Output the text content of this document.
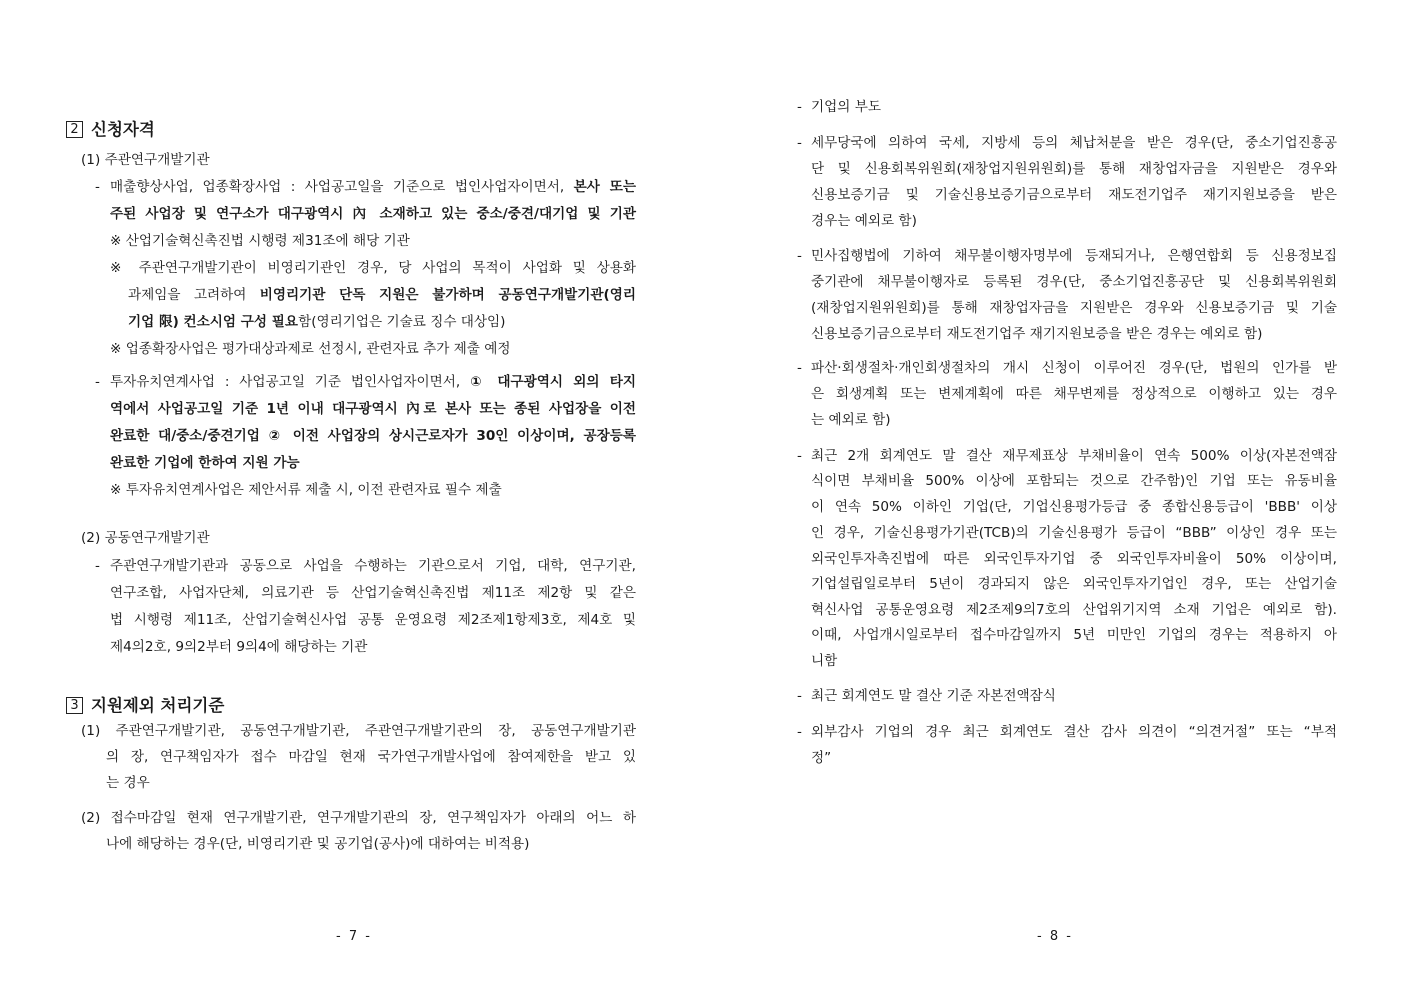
2 신청자격
(1) 주관연구개발기관
- 매출향상사업, 업종확장사업 : 사업공고일을 기준으로 법인사업자이면서, 본사 또는
주된 사업장 및 연구소가 대구광역시 內 소재하고 있는 중소/중견/대기업 및 기관
※ 산업기술혁신촉진법 시행령 제31조에 해당 기관
※ 주관연구개발기관이 비영리기관인 경우, 당 사업의 목적이 사업화 및 상용화
과제임을 고려하여 비영리기관 단독 지원은 불가하며 공동연구개발기관(영리
기업 限) 컨소시엄 구성 필요함(영리기업은 기술료 징수 대상임)
※ 업종확장사업은 평가대상과제로 선정시, 관련자료 추가 제출 예정
- 투자유치연계사업 : 사업공고일 기준 법인사업자이면서, ① 대구광역시 외의 타지
역에서 사업공고일 기준 1년 이내 대구광역시 內로 본사 또는 종된 사업장을 이전
완료한 대/중소/중견기업 ② 이전 사업장의 상시근로자가 30인 이상이며, 공장등록
완료한 기업에 한하여 지원 가능
※ 투자유치연계사업은 제안서류 제출 시, 이전 관련자료 필수 제출
(2) 공동연구개발기관
- 주관연구개발기관과 공동으로 사업을 수행하는 기관으로서 기업, 대학, 연구기관,
연구조합, 사업자단체, 의료기관 등 산업기술혁신촉진법 제11조 제2항 및 같은
법 시행령 제11조, 산업기술혁신사업 공통 운영요령 제2조제1항제3호, 제4호 및
제4의2호, 9의2부터 9의4에 해당하는 기관
3 지원제외 처리기준
(1) 주관연구개발기관, 공동연구개발기관, 주관연구개발기관의 장, 공동연구개발기관
의 장, 연구책임자가 접수 마감일 현재 국가연구개발사업에 참여제한을 받고 있
는 경우
(2) 접수마감일 현재 연구개발기관, 연구개발기관의 장, 연구책임자가 아래의 어느 하
나에 해당하는 경우(단, 비영리기관 및 공기업(공사)에 대하여는 비적용)
- 7 -
- 기업의 부도
- 세무당국에 의하여 국세, 지방세 등의 체납처분을 받은 경우(단, 중소기업진흥공
단 및 신용회복위원회(재창업지원위원회)를 통해 재창업자금을 지원받은 경우와
신용보증기금 및 기술신용보증기금으로부터 재도전기업주 재기지원보증을 받은
경우는 예외로 함)
- 민사집행법에 기하여 채무불이행자명부에 등재되거나, 은행연합회 등 신용정보집
중기관에 채무불이행자로 등록된 경우(단, 중소기업진흥공단 및 신용회복위원회
(재창업지원위원회)를 통해 재창업자금을 지원받은 경우와 신용보증기금 및 기술
신용보증기금으로부터 재도전기업주 재기지원보증을 받은 경우는 예외로 함)
- 파산·회생절차·개인회생절차의 개시 신청이 이루어진 경우(단, 법원의 인가를 받
은 회생계획 또는 변제계획에 따른 채무변제를 정상적으로 이행하고 있는 경우
는 예외로 함)
- 최근 2개 회계연도 말 결산 재무제표상 부채비율이 연속 500% 이상(자본전액잠
식이면 부채비율 500% 이상에 포함되는 것으로 간주함)인 기업 또는 유동비율
이 연속 50% 이하인 기업(단, 기업신용평가등급 중 종합신용등급이 'BBB' 이상
인 경우, 기술신용평가기관(TCB)의 기술신용평가 등급이 “BBB” 이상인 경우 또는
외국인투자촉진법에 따른 외국인투자기업 중 외국인투자비율이 50% 이상이며,
기업설립일로부터 5년이 경과되지 않은 외국인투자기업인 경우, 또는 산업기술
혁신사업 공통운영요령 제2조제9의7호의 산업위기지역 소재 기업은 예외로 함).
이때, 사업개시일로부터 접수마감일까지 5년 미만인 기업의 경우는 적용하지 아
니함
- 최근 회계연도 말 결산 기준 자본전액잠식
- 외부감사 기업의 경우 최근 회계연도 결산 감사 의견이 “의견거절” 또는 “부적
정”
- 8 -
